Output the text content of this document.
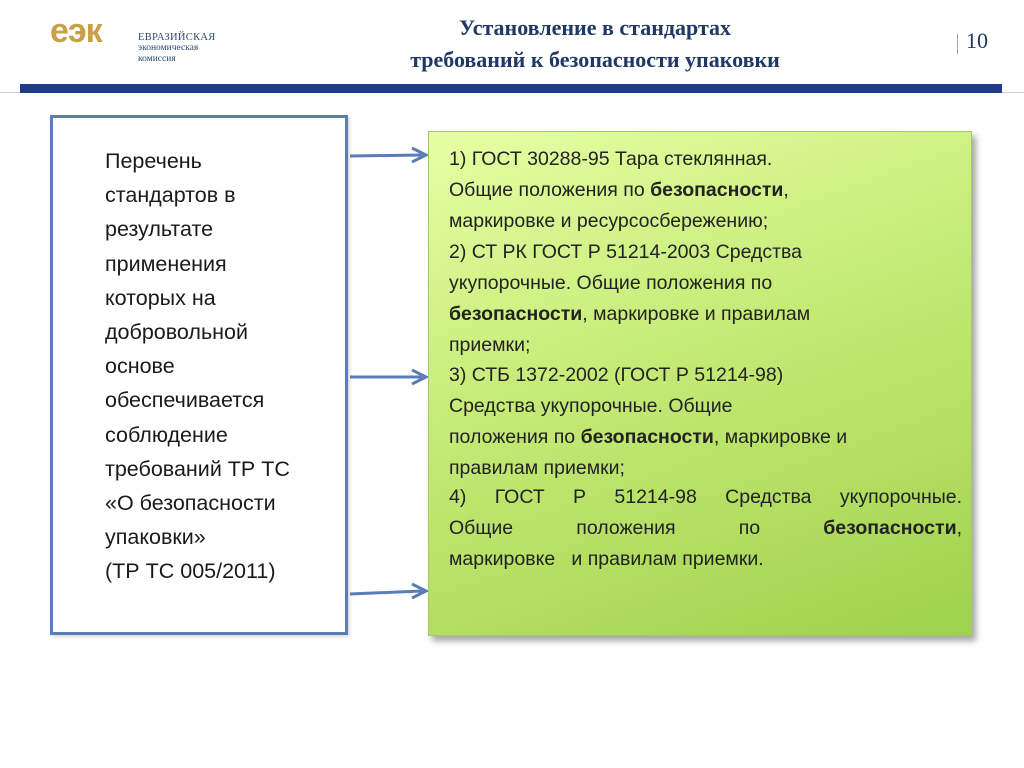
еэк	ЕВРАЗИЙСКАЯ
экономическая
комиссия
Установление в стандартах
требований к безопасности упаковки
10
Перечень
стандартов в
результате
применения
которых на
добровольной
основе
обеспечивается
соблюдение
требований ТР ТС
«О безопасности
упаковки»
(ТР ТС 005/2011)
1) ГОСТ 30288-95 Тара стеклянная.
Общие положения по безопасности,
маркировке и ресурсосбережению;
2) СТ РК ГОСТ Р 51214-2003 Средства
укупорочные. Общие положения по
безопасности, маркировке и правилам
приемки;
3) СТБ 1372-2002 (ГОСТ Р 51214-98)
Средства укупорочные. Общие
положения по безопасности, маркировке и
правилам приемки;
4) ГОСТ Р 51214-98 Средства укупорочные.
Общие	положения	по	безопасности,
маркировке   и правилам приемки.
